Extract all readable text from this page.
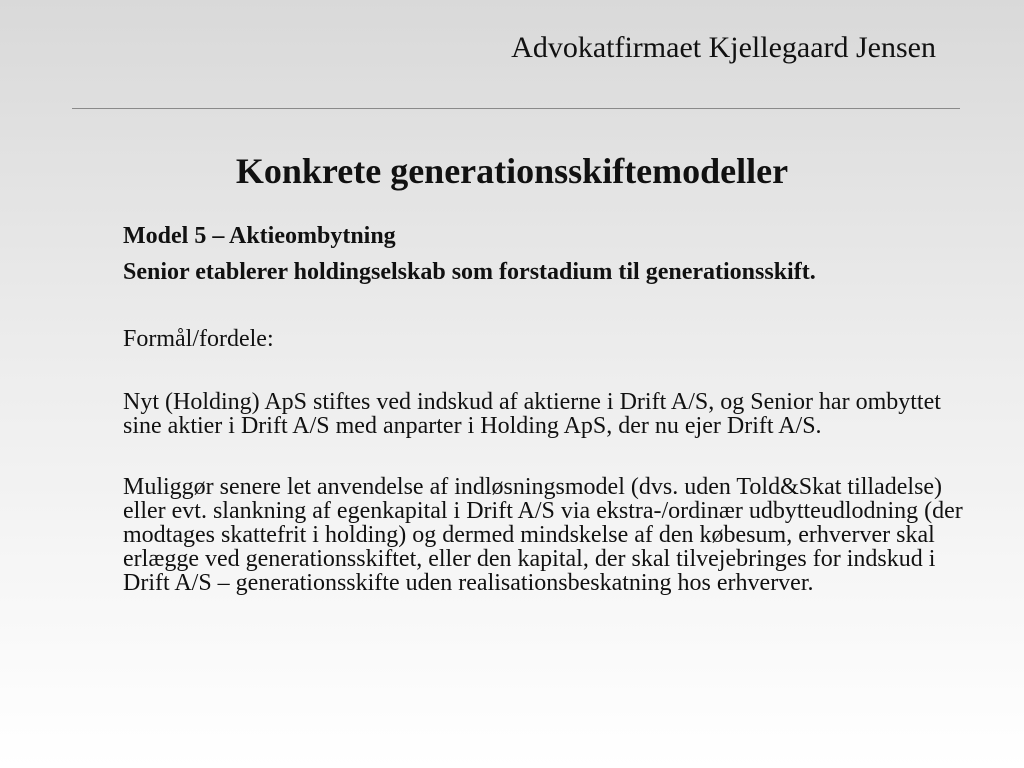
Advokatfirmaet Kjellegaard Jensen
Konkrete generationsskiftemodeller

Model 5 – Aktieombytning

Senior etablerer holdingselskab som forstadium til generationsskift.

Formål/fordele:

Nyt (Holding) ApS stiftes ved indskud af aktierne i Drift A/S, og Senior har ombyttet sine aktier i Drift A/S med anparter i Holding ApS, der nu ejer Drift A/S.

Muliggør senere let anvendelse af indløsningsmodel (dvs. uden Told&Skat tilladelse) eller evt. slankning af egenkapital i Drift A/S via ekstra-/ordinær udbytteudlodning (der modtages skattefrit i holding) og dermed mindskelse af den købesum, erhverver skal erlægge ved generationsskiftet, eller den kapital, der skal tilvejebringes for indskud i Drift A/S – generationsskifte uden realisationsbeskatning hos erhverver.
